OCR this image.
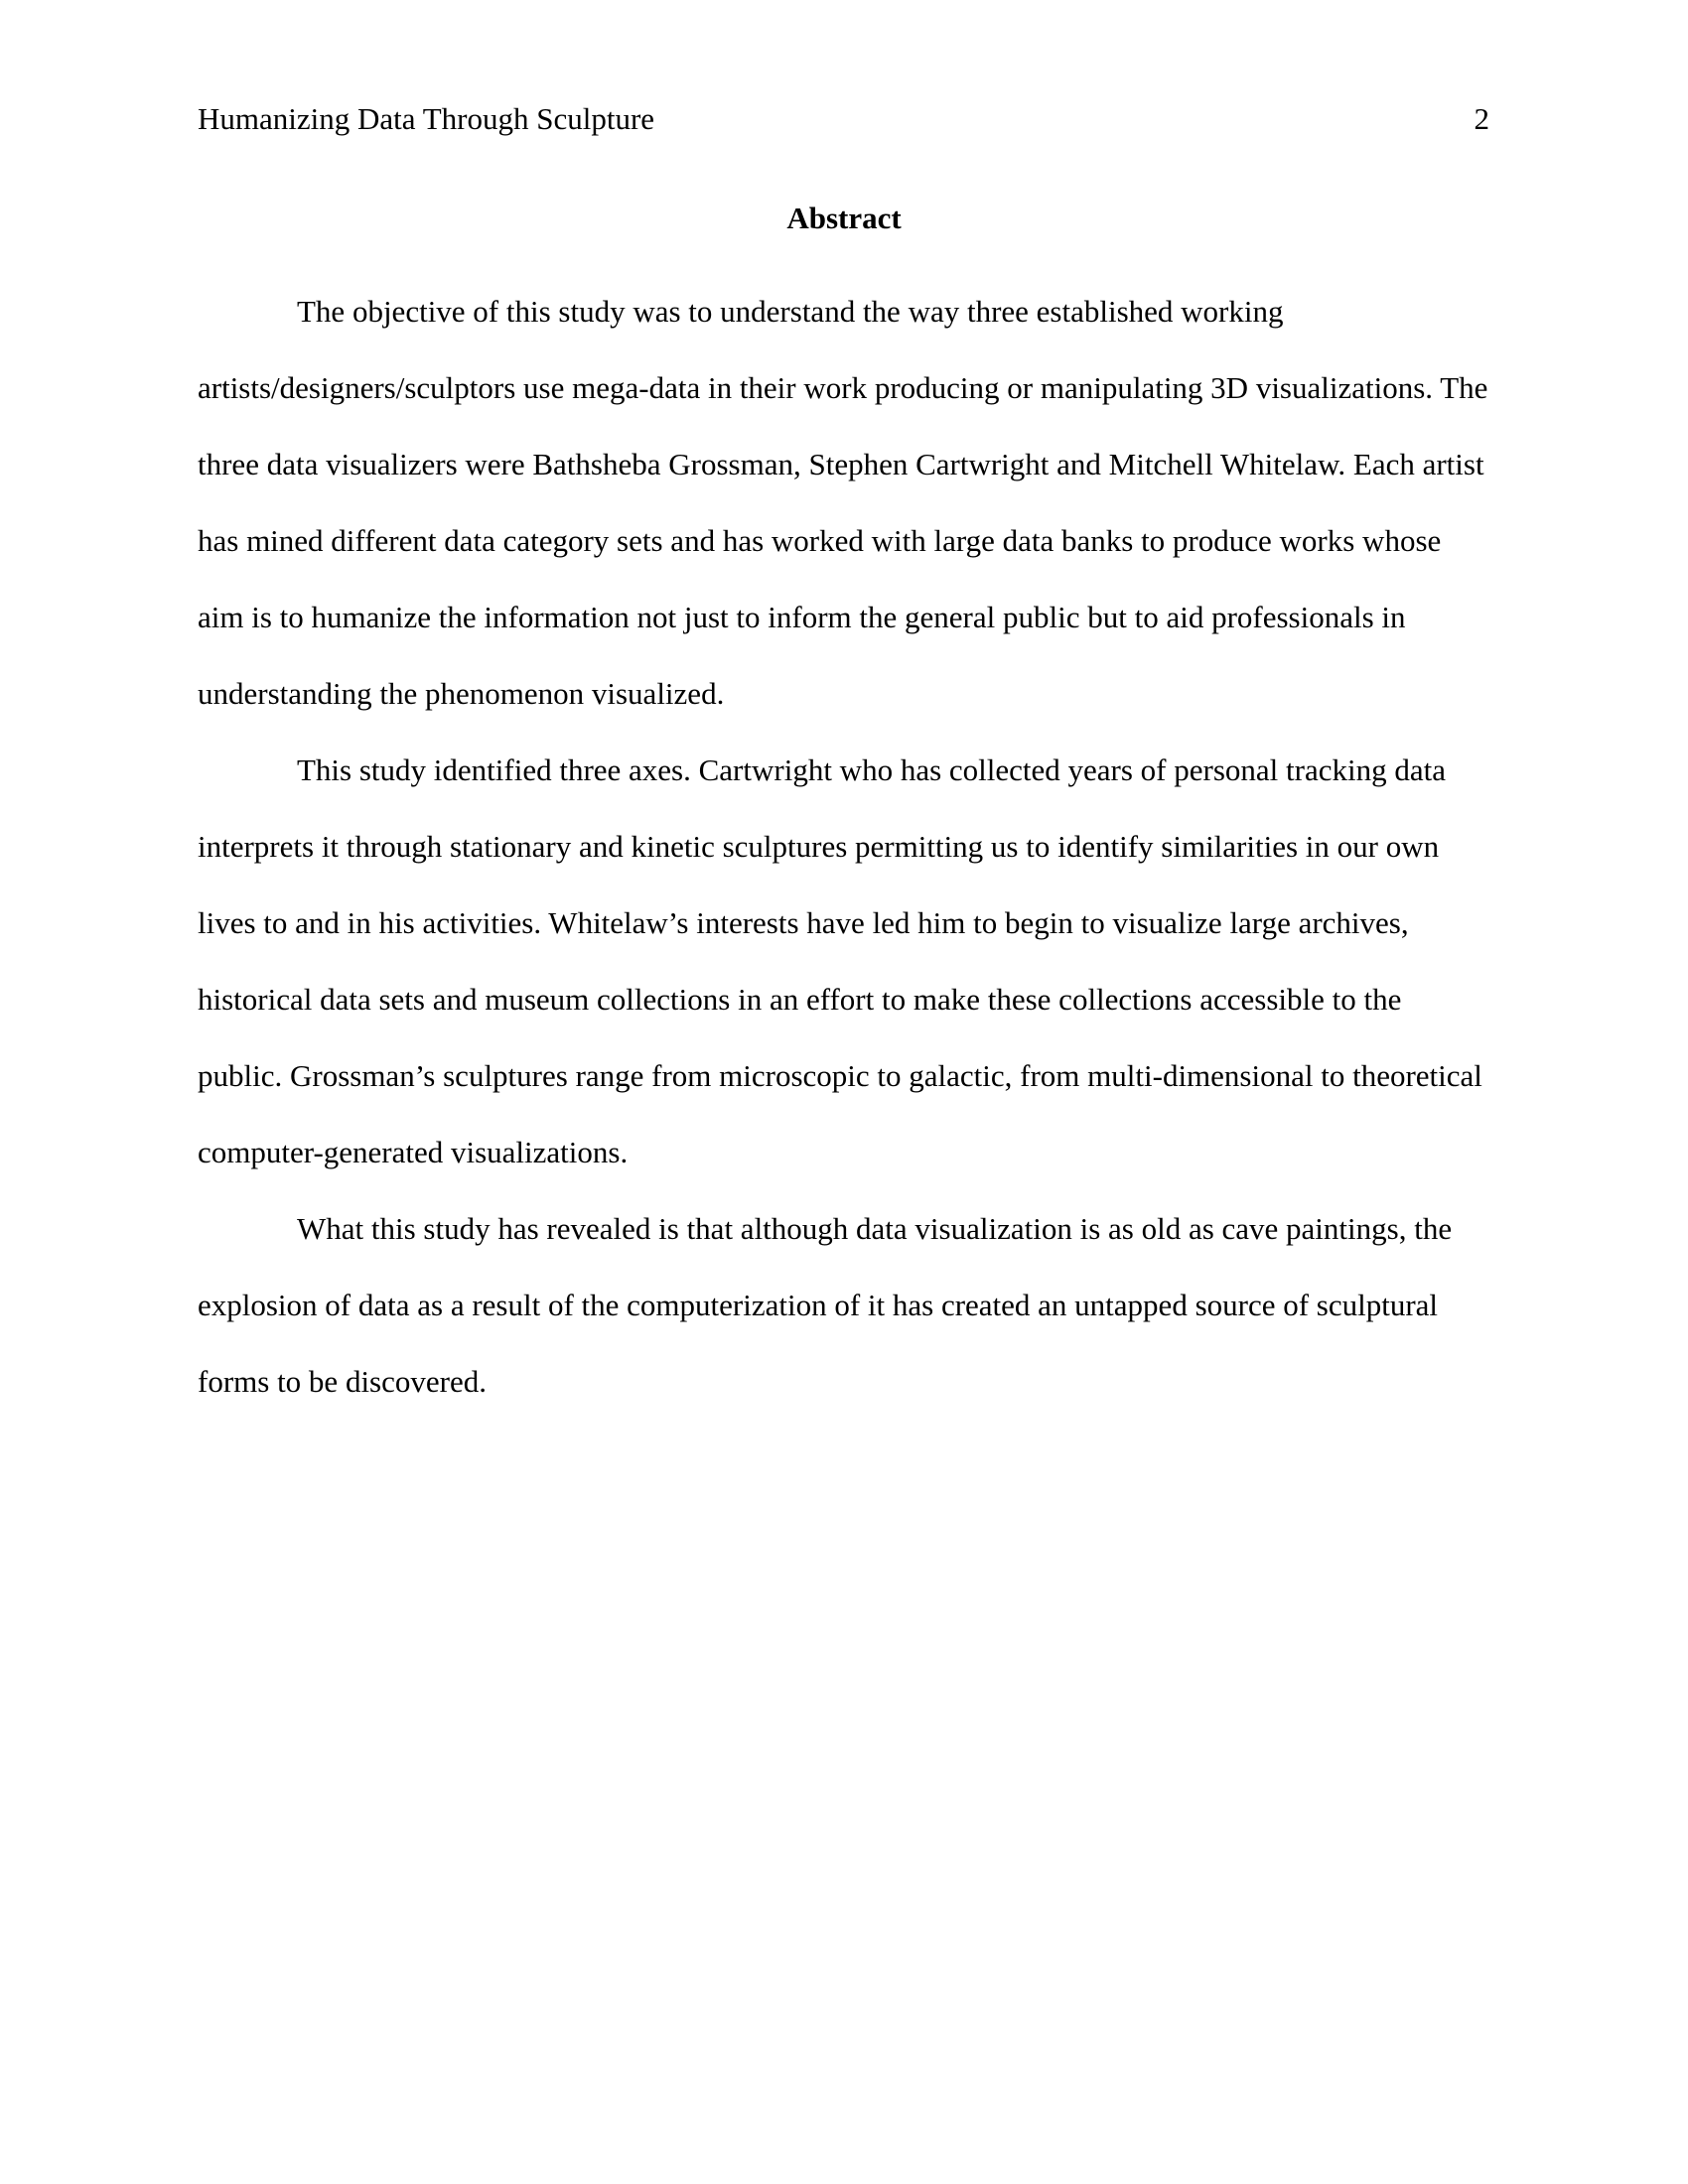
Humanizing Data Through Sculpture	2
Abstract

The objective of this study was to understand the way three established working artists/designers/sculptors use mega-data in their work producing or manipulating 3D visualizations. The three data visualizers were Bathsheba Grossman, Stephen Cartwright and Mitchell Whitelaw. Each artist has mined different data category sets and has worked with large data banks to produce works whose aim is to humanize the information not just to inform the general public but to aid professionals in understanding the phenomenon visualized.

This study identified three axes. Cartwright who has collected years of personal tracking data interprets it through stationary and kinetic sculptures permitting us to identify similarities in our own lives to and in his activities. Whitelaw’s interests have led him to begin to visualize large archives, historical data sets and museum collections in an effort to make these collections accessible to the public. Grossman’s sculptures range from microscopic to galactic, from multi-dimensional to theoretical computer-generated visualizations.

What this study has revealed is that although data visualization is as old as cave paintings, the explosion of data as a result of the computerization of it has created an untapped source of sculptural forms to be discovered.
